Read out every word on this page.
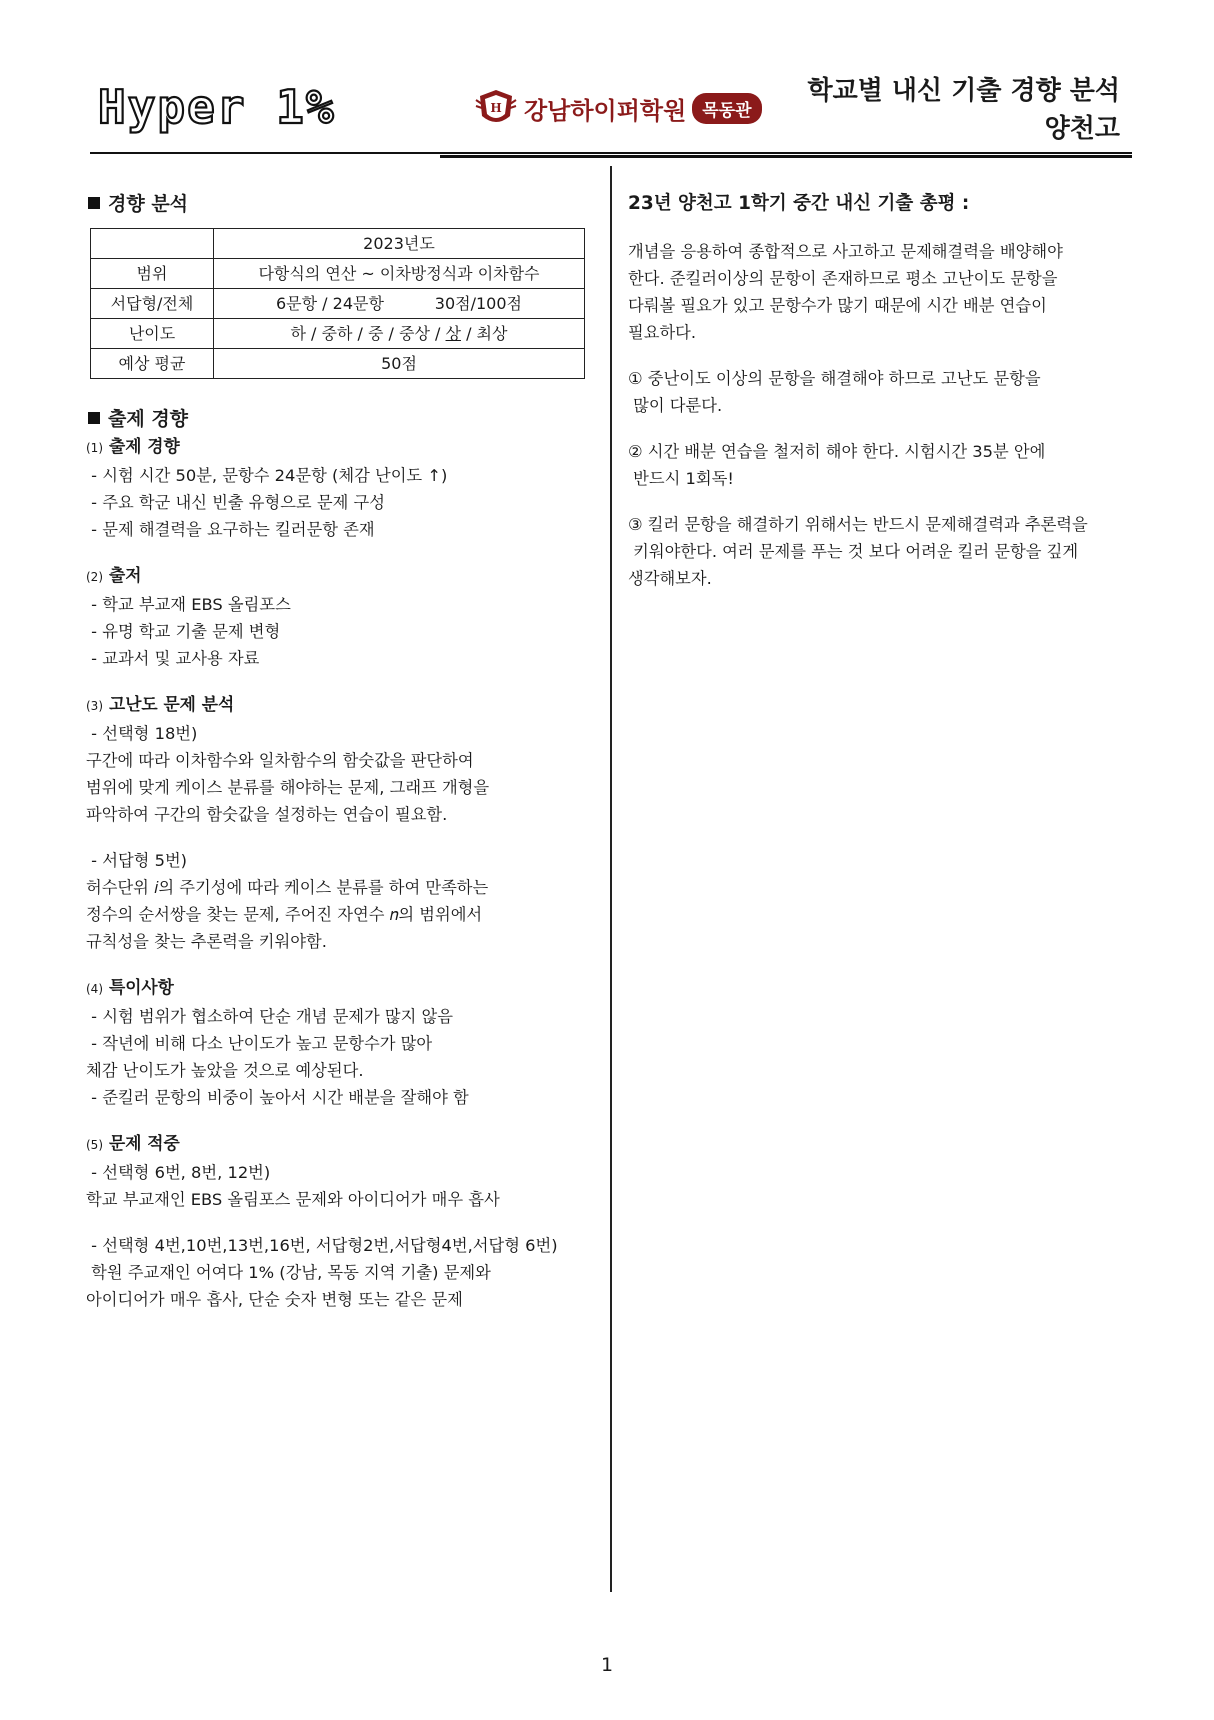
Hyper 1%	H 강남하이퍼학원 목동관
학교별 내신 기출 경향 분석
양천고
경향 분석
	2023년도
범위	다항식의 연산 ~ 이차방정식과 이차함수
서답형/전체	6문항 / 24문항          30점/100점
난이도	하 / 중하 / 중 / 중상 / 상 / 최상
예상 평균	50점
출제 경향
(1) 출제 경향
- 시험 시간 50분, 문항수 24문항 (체감 난이도 ↑)
- 주요 학군 내신 빈출 유형으로 문제 구성
- 문제 해결력을 요구하는 킬러문항 존재
(2) 출저
- 학교 부교재 EBS 올림포스
- 유명 학교 기출 문제 변형
- 교과서 및 교사용 자료
(3) 고난도 문제 분석
- 선택형 18번)
구간에 따라 이차함수와 일차함수의 함숫값을 판단하여
범위에 맞게 케이스 분류를 해야하는 문제, 그래프 개형을
파악하여 구간의 함숫값을 설정하는 연습이 필요함.
- 서답형 5번)
허수단위 𝑖의 주기성에 따라 케이스 분류를 하여 만족하는
정수의 순서쌍을 찾는 문제, 주어진 자연수 𝑛의 범위에서
규칙성을 찾는 추론력을 키워야함.
(4) 특이사항
- 시험 범위가 협소하여 단순 개념 문제가 많지 않음
- 작년에 비해 다소 난이도가 높고 문항수가 많아
체감 난이도가 높았을 것으로 예상된다.
- 준킬러 문항의 비중이 높아서 시간 배분을 잘해야 함
(5) 문제 적중
- 선택형 6번, 8번, 12번)
학교 부교재인 EBS 올림포스 문제와 아이디어가 매우 흡사
- 선택형 4번,10번,13번,16번, 서답형2번,서답형4번,서답형 6번)
학원 주교재인 어여다 1% (강남, 목동 지역 기출) 문제와
아이디어가 매우 흡사, 단순 숫자 변형 또는 같은 문제
23년 양천고 1학기 중간 내신 기출 총평 :
개념을 응용하여 종합적으로 사고하고 문제해결력을 배양해야
한다. 준킬러이상의 문항이 존재하므로 평소 고난이도 문항을
다뤄볼 필요가 있고 문항수가 많기 때문에 시간 배분 연습이
필요하다.
① 중난이도 이상의 문항을 해결해야 하므로 고난도 문항을
많이 다룬다.
② 시간 배분 연습을 철저히 해야 한다. 시험시간 35분 안에
반드시 1회독!
③ 킬러 문항을 해결하기 위해서는 반드시 문제해결력과 추론력을
키워야한다. 여러 문제를 푸는 것 보다 어려운 킬러 문항을 깊게
생각해보자.
1
